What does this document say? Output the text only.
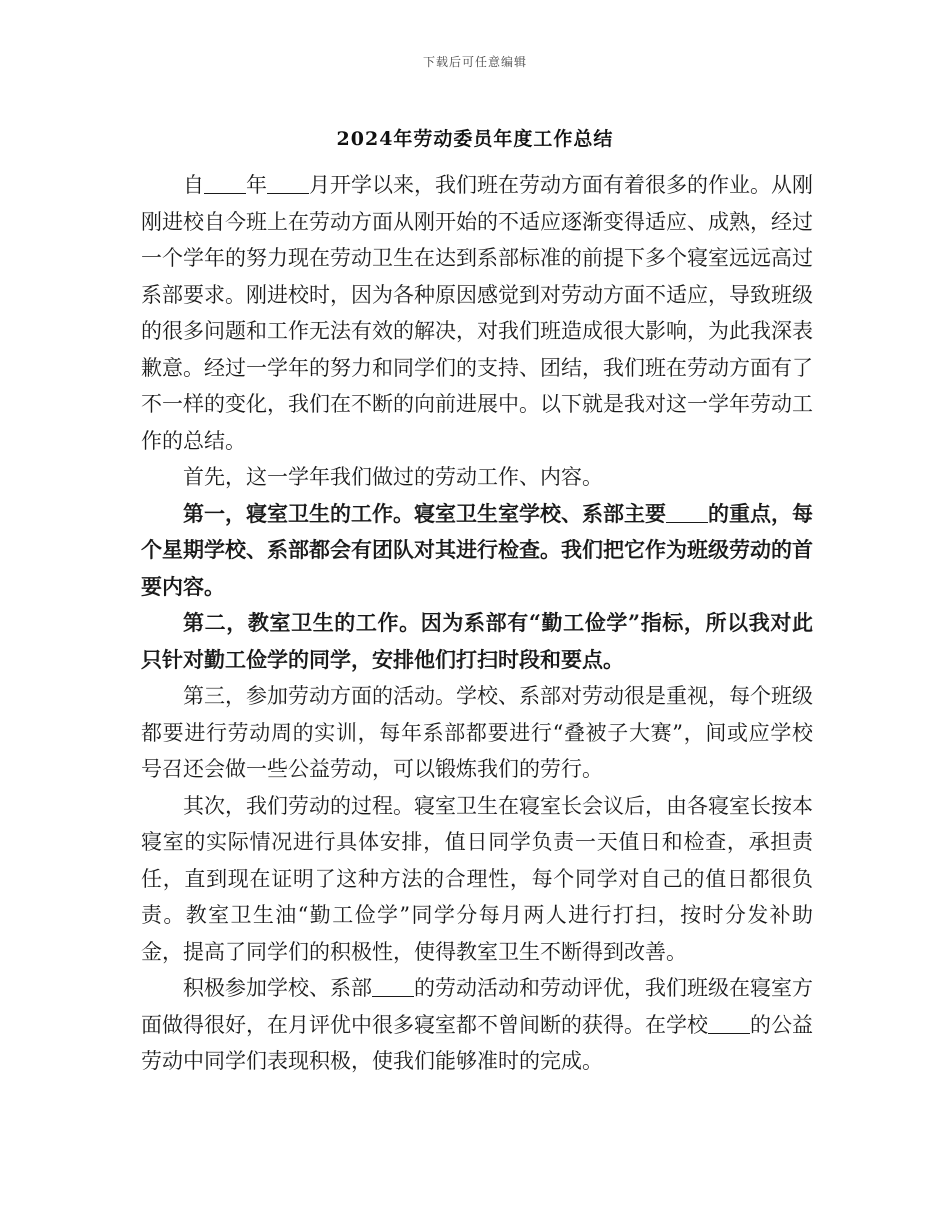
下载后可任意编辑
2024年劳动委员年度工作总结

自 年 月开学以来，我们班在劳动方面有着很多的作业。从刚刚进校自今班上在劳动方面从刚开始的不适应逐渐变得适应、成熟，经过一个学年的努力现在劳动卫生在达到系部标准的前提下多个寝室远远高过系部要求。刚进校时，因为各种原因感觉到对劳动方面不适应，导致班级的很多问题和工作无法有效的解决，对我们班造成很大影响，为此我深表歉意。经过一学年的努力和同学们的支持、团结，我们班在劳动方面有了不一样的变化，我们在不断的向前进展中。以下就是我对这一学年劳动工作的总结。

首先，这一学年我们做过的劳动工作、内容。

第一，寝室卫生的工作。寝室卫生室学校、系部主要 的重点，每个星期学校、系部都会有团队对其进行检查。我们把它作为班级劳动的首要内容。

第二，教室卫生的工作。因为系部有“勤工俭学”指标，所以我对此只针对勤工俭学的同学，安排他们打扫时段和要点。

第三，参加劳动方面的活动。学校、系部对劳动很是重视，每个班级都要进行劳动周的实训，每年系部都要进行“叠被子大赛”，间或应学校号召还会做一些公益劳动，可以锻炼我们的劳行。

其次，我们劳动的过程。寝室卫生在寝室长会议后，由各寝室长按本寝室的实际情况进行具体安排，值日同学负责一天值日和检查，承担责任，直到现在证明了这种方法的合理性，每个同学对自己的值日都很负责。教室卫生油“勤工俭学”同学分每月两人进行打扫，按时分发补助金，提高了同学们的积极性，使得教室卫生不断得到改善。

积极参加学校、系部 的劳动活动和劳动评优，我们班级在寝室方面做得很好，在月评优中很多寝室都不曾间断的获得。在学校 的公益劳动中同学们表现积极，使我们能够准时的完成。
